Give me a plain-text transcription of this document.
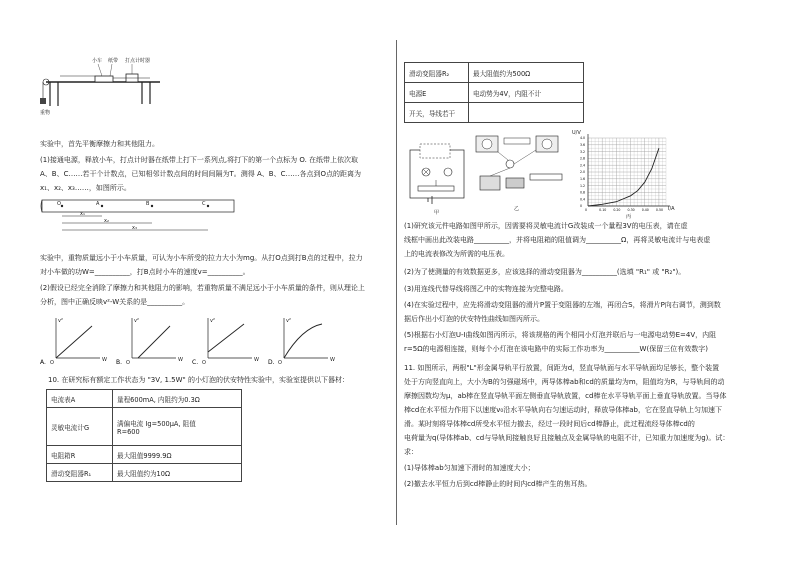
小车 纸带 打点计时器
重物
实验中，首先平衡摩擦力和其他阻力。
(1)接通电源，释放小车，打点计时器在纸带上打下一系列点,将打下的第一个点标为 O. 在纸带上依次取
A、B、C……若干个计数点，已知相邻计数点间的时间间隔为T。测得 A、B、C……各点到O点的距离为
x₁、x₂、x₃……，如图所示。
O	A	B	C
x₁
x₂
x₃
实验中，重物质量远小于小车质量，可认为小车所受的拉力大小为mg。从打O点到打B点的过程中，拉力
对小车做的功W=__________，打B点时小车的速度v=__________。
(2)假设已经完全消除了摩擦力和其他阻力的影响，若重物质量不满足远小于小车质量的条件，则从理论上
分析，图中正确反映v²-W关系的是__________。
v²
W
O
A.
v²
W
O
B.
v²
W
O
C.
v²
W
O
D.
10. 在研究标有额定工作状态为 "3V, 1.5W" 的小灯泡的伏安特性实验中，实验室提供以下器材：
电流表A	量程600mA, 内阻约为0.3Ω
灵敏电流计G	满偏电流 Ig=500μA, 阻值
R=600

电阻箱R	最大阻值9999.9Ω
滑动变阻器R₁	最大阻值约为10Ω
滑动变阻器R₂	最大阻值约为500Ω
电源E	电动势为4V，内阻不计
开关，导线若干	
甲
乙	0	0.10 0.20 0.30 0.40 0.50
0
0.4
0.8
1.2
1.6
2.0
2.4
2.8
3.2
3.6
4.0
U/V
I/A
丙
(1)研究该元件电路如图甲所示，因需要将灵敏电流计G改装成一个量程3V的电压表，请在虚
线框中画出此改装电路__________，并将电阻箱的阻值调为__________Ω，再将灵敏电流计与电表虚
上的电流表修改为所需的电压表。
(2)为了使测量的有效数据更多，应该选择的滑动变阻器为__________(选填 "R₁" 或 "R₂")。
(3)用连线代替导线将图乙中的实物连接为完整电路。
(4)在实验过程中，应先将滑动变阻器的滑片P置于变阻器的左端，再闭合S，将滑片P向右调节，测到数
据后作出小灯泡的伏安特性曲线如图丙所示。
(5)根据右小灯泡U-I曲线如图丙所示，将该规格的两个相同小灯泡并联后与一电源电动势E=4V，内阻
r=5Ω的电源相连接，则每个小灯泡在该电路中的实际工作功率为__________W(保留三位有效数字)
11. 如图所示，两根"L"形金属导轨平行放置，间距为d，竖直导轨面与水平导轨面均足够长，整个装置
处于方向竖直向上，大小为B的匀强磁场中，两导体棒ab和cd的质量均为m，阻值均为R，与导轨间的动
摩擦因数均为μ，ab棒在竖直导轨平面左侧垂直导轨放置，cd棒在水平导轨平面上垂直导轨放置。当导体
棒cd在水平恒力作用下以速度v₀沿水平导轨向右匀速运动时，释放导体棒ab，它在竖直导轨上匀加速下
滑。某时刻将导体棒cd所受水平恒力撤去，经过一段时间后cd棒静止，此过程流经导体棒cd的
电荷量为q(导体棒ab、cd与导轨间接触良好且接触点及金属导轨的电阻不计，已知重力加速度为g)。试：
求：
(1)导体棒ab匀加速下滑时的加速度大小；
(2)撤去水平恒力后到cd棒静止的时间内cd棒产生的焦耳热。
